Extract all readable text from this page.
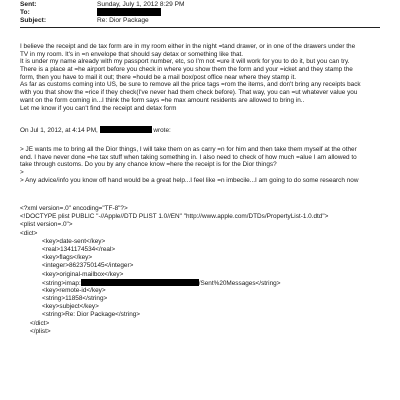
Sent:	Sunday, July 1, 2012 8:29 PM
To:
Subject:	Re: Dior Package
I believe the receipt and de tax form are in my room either in the night =tand drawer, or in one of the drawers under the
TV in my room. It's in =n envelope that should say detax or something like that.
It is under my name already with my passport number, etc, so I'm not =ure it will work for you to do it, but you can try.
There is a place at =he airport before you check in where you show them the form and your =icket and they stamp the
form, then you have to mail it out; there =hould be a mail box/post office near where they stamp it.
As far as customs coming into US, be sure to remove all the price tags =rom the items, and don't bring any receipts back
with you that show the =rice if they check(I've never had them check before). That way, you can =ut whatever value you
want on the form coming in...I think the form says =he max amount residents are allowed to bring in..
Let me know if you can't find the receipt and detax form
On Jul 1, 2012, at 4:14 PM,	wrote:
> JE wants me to bring all the Dior things, I will take them on as carry =n for him and then take them myself at the other
end. I have never done =he tax stuff when taking something in. I also need to check of how much =alue I am allowed to
take through customs. Do you by any chance know =here the receipt is for the Dior things?
>
> Any advice/info you know off hand would be a great help...I feel like =n imbecile...I am going to do some research now
<?xml version=.0" encoding="TF-8"?>
<!DOCTYPE plist PUBLIC "-//Apple//DTD PLIST 1.0//EN" "http://www.apple.com/DTDs/PropertyList-1.0.dtd">
<plist version=.0">
<dict>
<key>date-sent</key>
<real>1341174534</real>
<key>flags</key>
<integer>8623750145</integer>
<key>original-mailbox</key>
<string>imap:	/Sent%20Messages</string>
<key>remote-id</key>
<string>11858</string>
<key>subject</key>
<string>Re: Dior Package</string>
</dict>
</plist>
